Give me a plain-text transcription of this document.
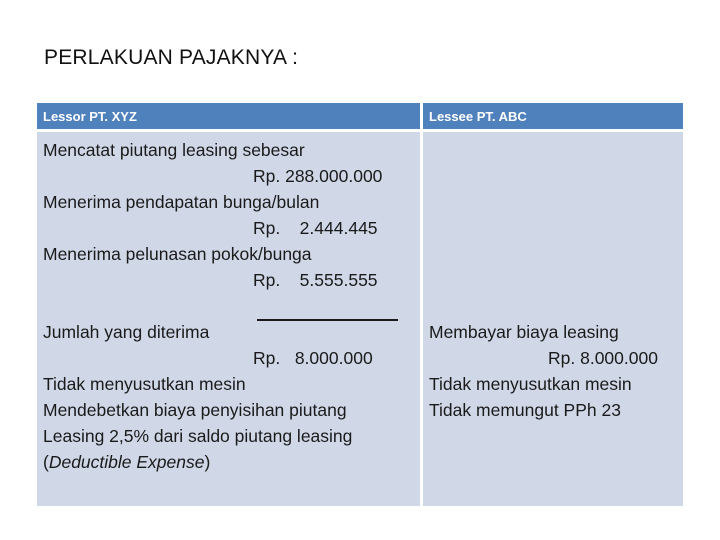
PERLAKUAN PAJAKNYA :
Lessor PT. XYZ	Lessee PT. ABC
Mencatat piutang leasing sebesar
Rp. 288.000.000
Menerima pendapatan bunga/bulan
Rp.    2.444.445
Menerima pelunasan pokok/bunga
Rp.    5.555.555
Jumlah yang diterima
Rp.   8.000.000
Tidak menyusutkan mesin
Mendebetkan biaya penyisihan piutang
Leasing 2,5% dari saldo piutang leasing
(Deductible Expense)
Membayar biaya leasing
Rp. 8.000.000
Tidak menyusutkan mesin
Tidak memungut PPh 23
